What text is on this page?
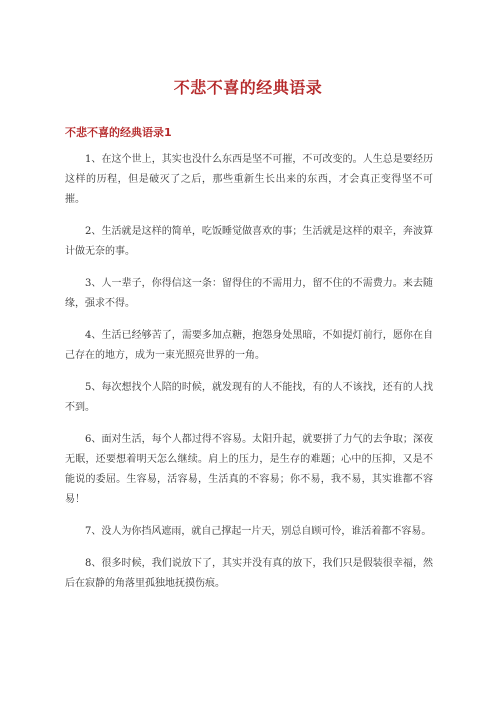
不悲不喜的经典语录
不悲不喜的经典语录1

1、在这个世上，其实也没什么东西是坚不可摧，不可改变的。人生总是要经历这样的历程，但是破灭了之后，那些重新生长出来的东西，才会真正变得坚不可摧。

2、生活就是这样的简单，吃饭睡觉做喜欢的事；生活就是这样的艰辛，奔波算计做无奈的事。

3、人一辈子，你得信这一条：留得住的不需用力，留不住的不需费力。来去随缘，强求不得。

4、生活已经够苦了，需要多加点糖，抱怨身处黑暗，不如提灯前行，愿你在自己存在的地方，成为一束光照亮世界的一角。

5、每次想找个人陪的时候，就发现有的人不能找，有的人不该找，还有的人找不到。

6、面对生活，每个人都过得不容易。太阳升起，就要拼了力气的去争取；深夜无眠，还要想着明天怎么继续。肩上的压力，是生存的难题；心中的压抑，又是不能说的委屈。生容易，活容易，生活真的不容易；你不易，我不易，其实谁都不容易！

7、没人为你挡风遮雨，就自己撑起一片天，别总自顾可怜，谁活着都不容易。

8、很多时候，我们说放下了，其实并没有真的放下，我们只是假装很幸福，然后在寂静的角落里孤独地抚摸伤痕。
